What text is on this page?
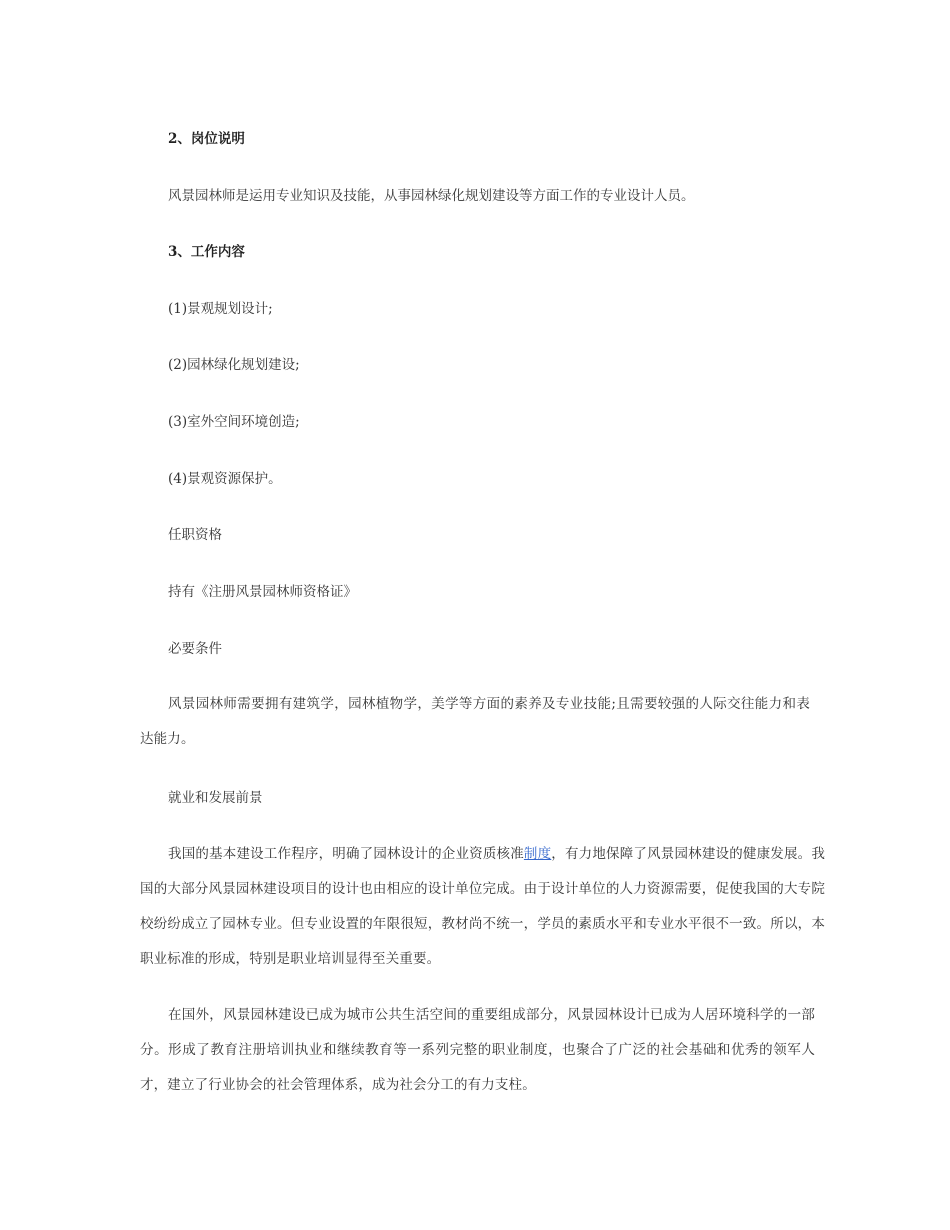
2、岗位说明
风景园林师是运用专业知识及技能，从事园林绿化规划建设等方面工作的专业设计人员。
3、工作内容
(1)景观规划设计;
(2)园林绿化规划建设;
(3)室外空间环境创造;
(4)景观资源保护。
任职资格
持有《注册风景园林师资格证》
必要条件
风景园林师需要拥有建筑学，园林植物学，美学等方面的素养及专业技能;且需要较强的人际交往能力和表达能力。
就业和发展前景
我国的基本建设工作程序，明确了园林设计的企业资质核准制度，有力地保障了风景园林建设的健康发展。我国的大部分风景园林建设项目的设计也由相应的设计单位完成。由于设计单位的人力资源需要，促使我国的大专院校纷纷成立了园林专业。但专业设置的年限很短，教材尚不统一，学员的素质水平和专业水平很不一致。所以，本职业标准的形成，特别是职业培训显得至关重要。
在国外，风景园林建设已成为城市公共生活空间的重要组成部分，风景园林设计已成为人居环境科学的一部分。形成了教育注册培训执业和继续教育等一系列完整的职业制度，也聚合了广泛的社会基础和优秀的领军人才，建立了行业协会的社会管理体系，成为社会分工的有力支柱。
